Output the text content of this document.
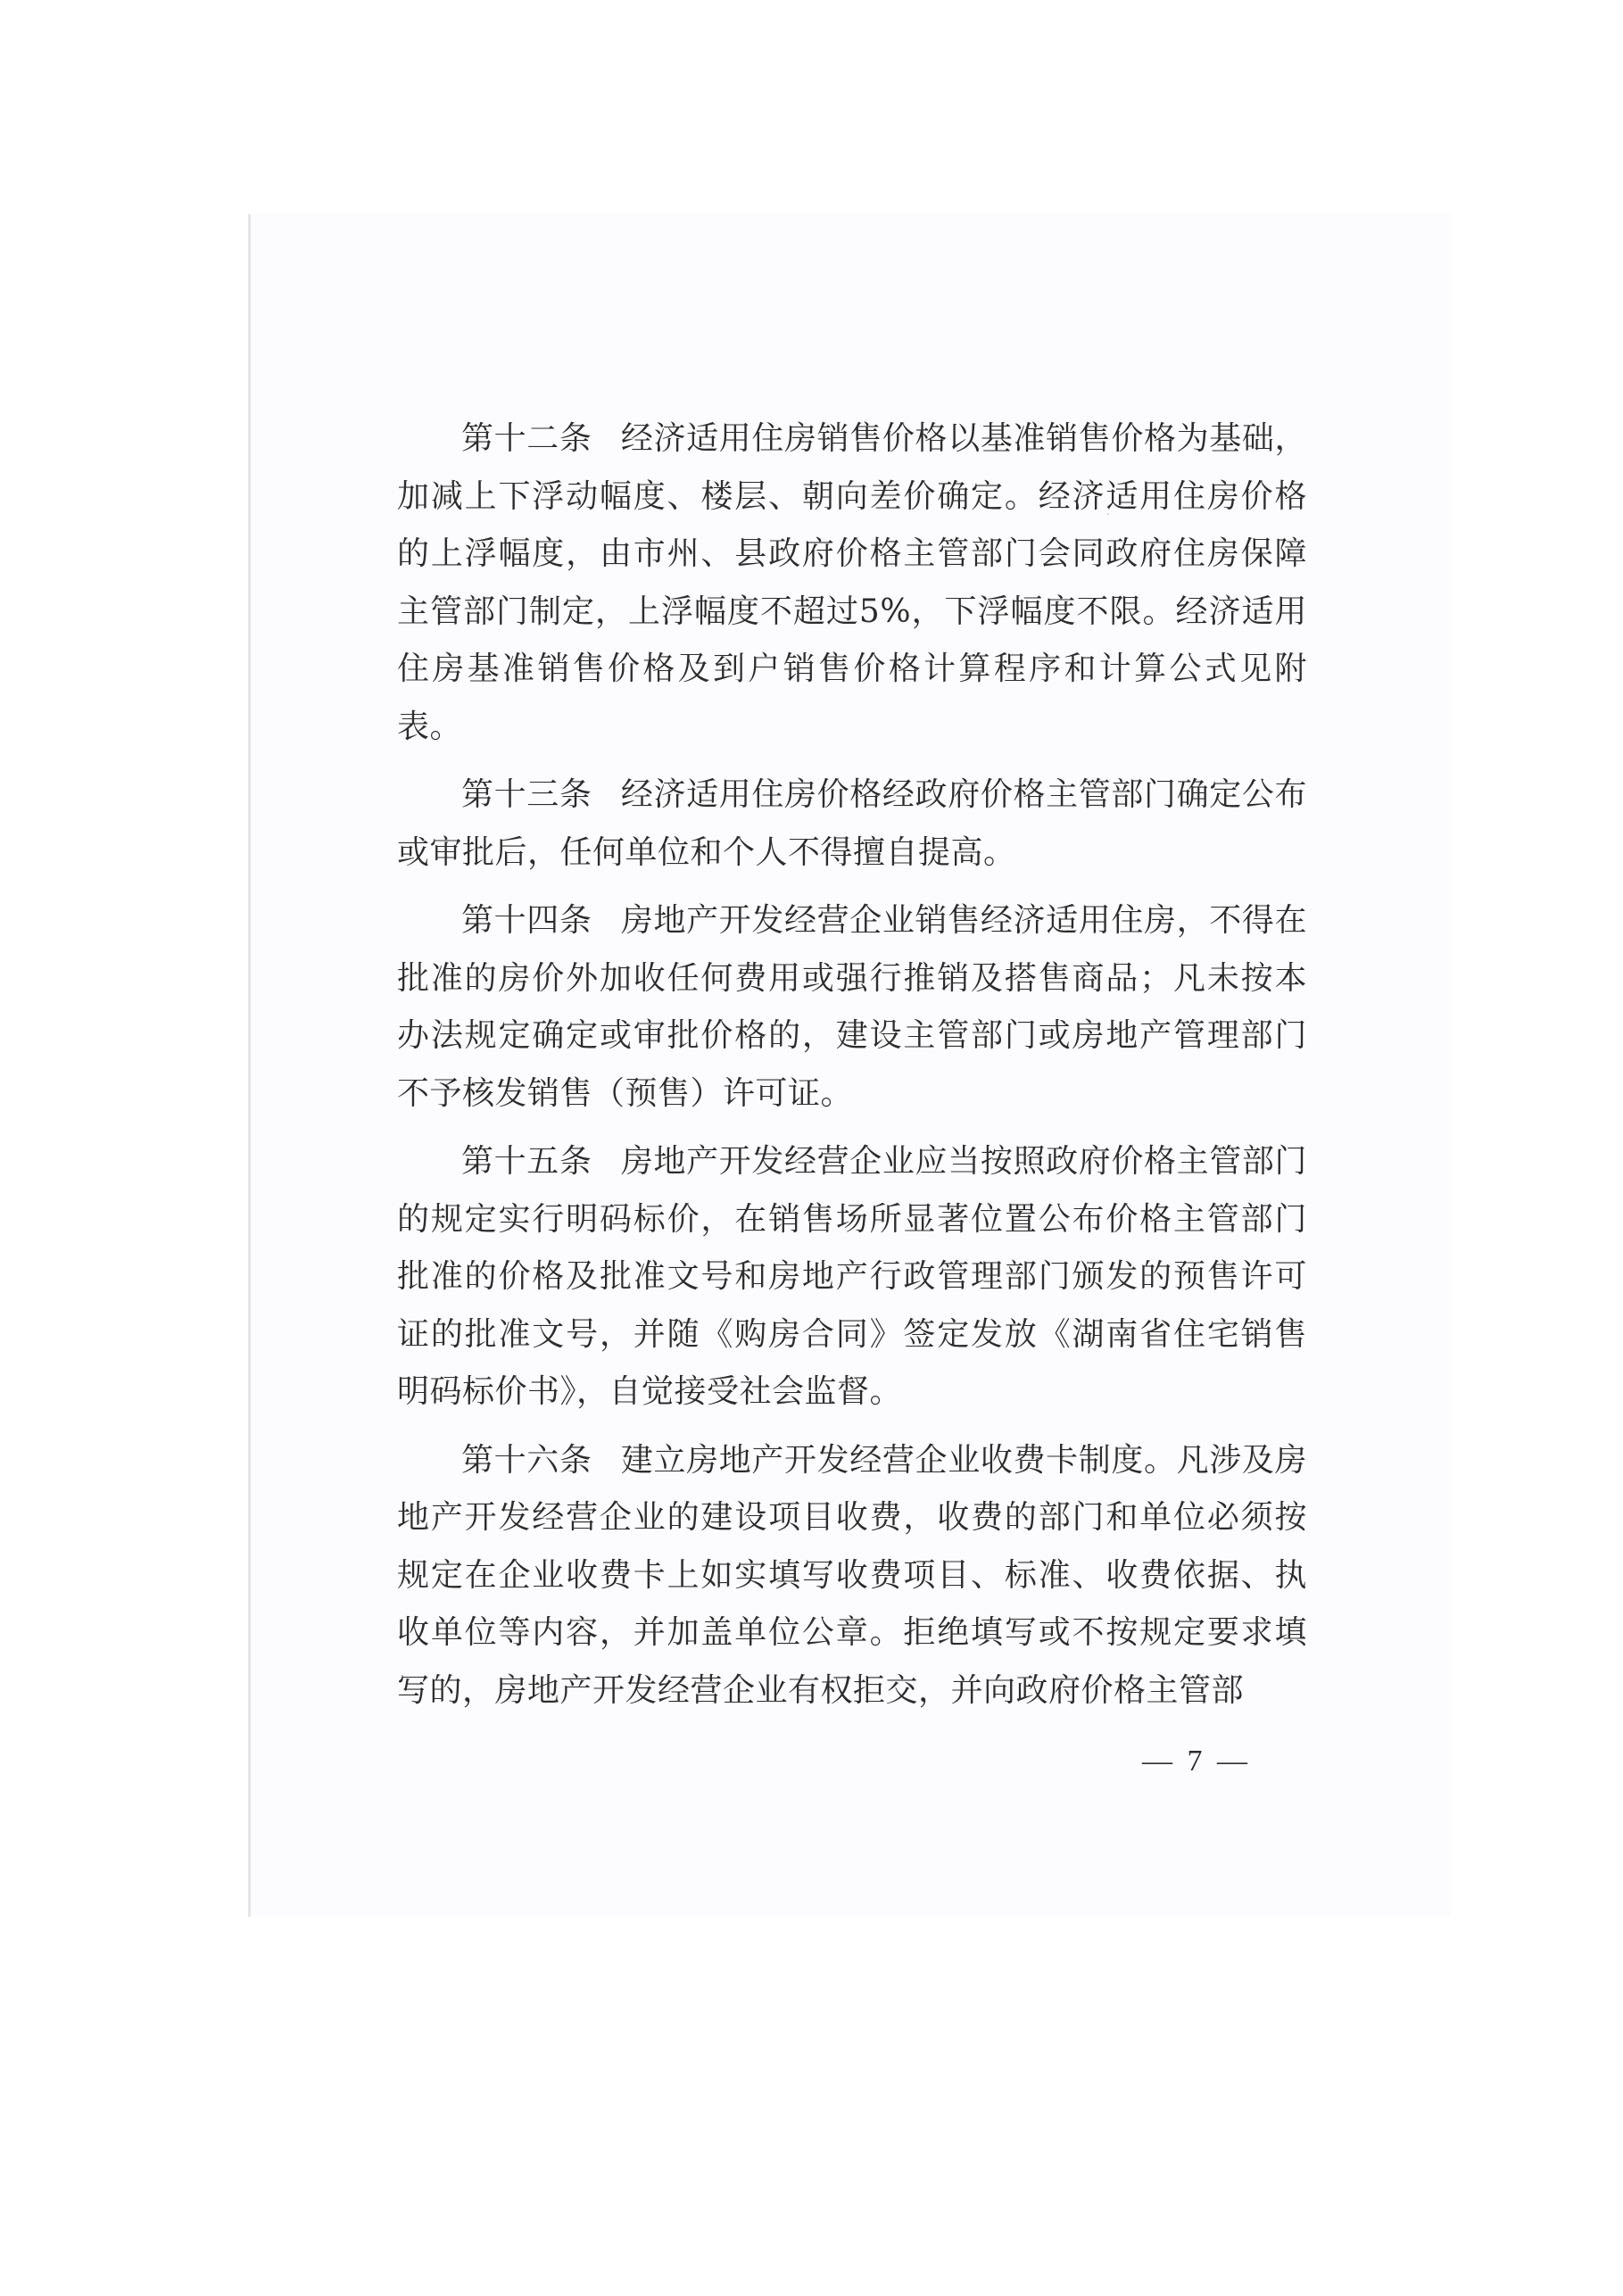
第十二条 经济适用住房销售价格以基准销售价格为基础，加减上下浮动幅度、楼层、朝向差价确定。经济适用住房价格的上浮幅度，由市州、县政府价格主管部门会同政府住房保障主管部门制定，上浮幅度不超过5%，下浮幅度不限。经济适用住房基准销售价格及到户销售价格计算程序和计算公式见附表。

第十三条 经济适用住房价格经政府价格主管部门确定公布或审批后，任何单位和个人不得擅自提高。

第十四条 房地产开发经营企业销售经济适用住房，不得在批准的房价外加收任何费用或强行推销及搭售商品；凡未按本办法规定确定或审批价格的，建设主管部门或房地产管理部门不予核发销售（预售）许可证。

第十五条 房地产开发经营企业应当按照政府价格主管部门的规定实行明码标价，在销售场所显著位置公布价格主管部门批准的价格及批准文号和房地产行政管理部门颁发的预售许可证的批准文号，并随《购房合同》签定发放《湖南省住宅销售明码标价书》，自觉接受社会监督。

第十六条 建立房地产开发经营企业收费卡制度。凡涉及房地产开发经营企业的建设项目收费，收费的部门和单位必须按规定在企业收费卡上如实填写收费项目、标准、收费依据、执收单位等内容，并加盖单位公章。拒绝填写或不按规定要求填写的，房地产开发经营企业有权拒交，并向政府价格主管部

— 7 —
